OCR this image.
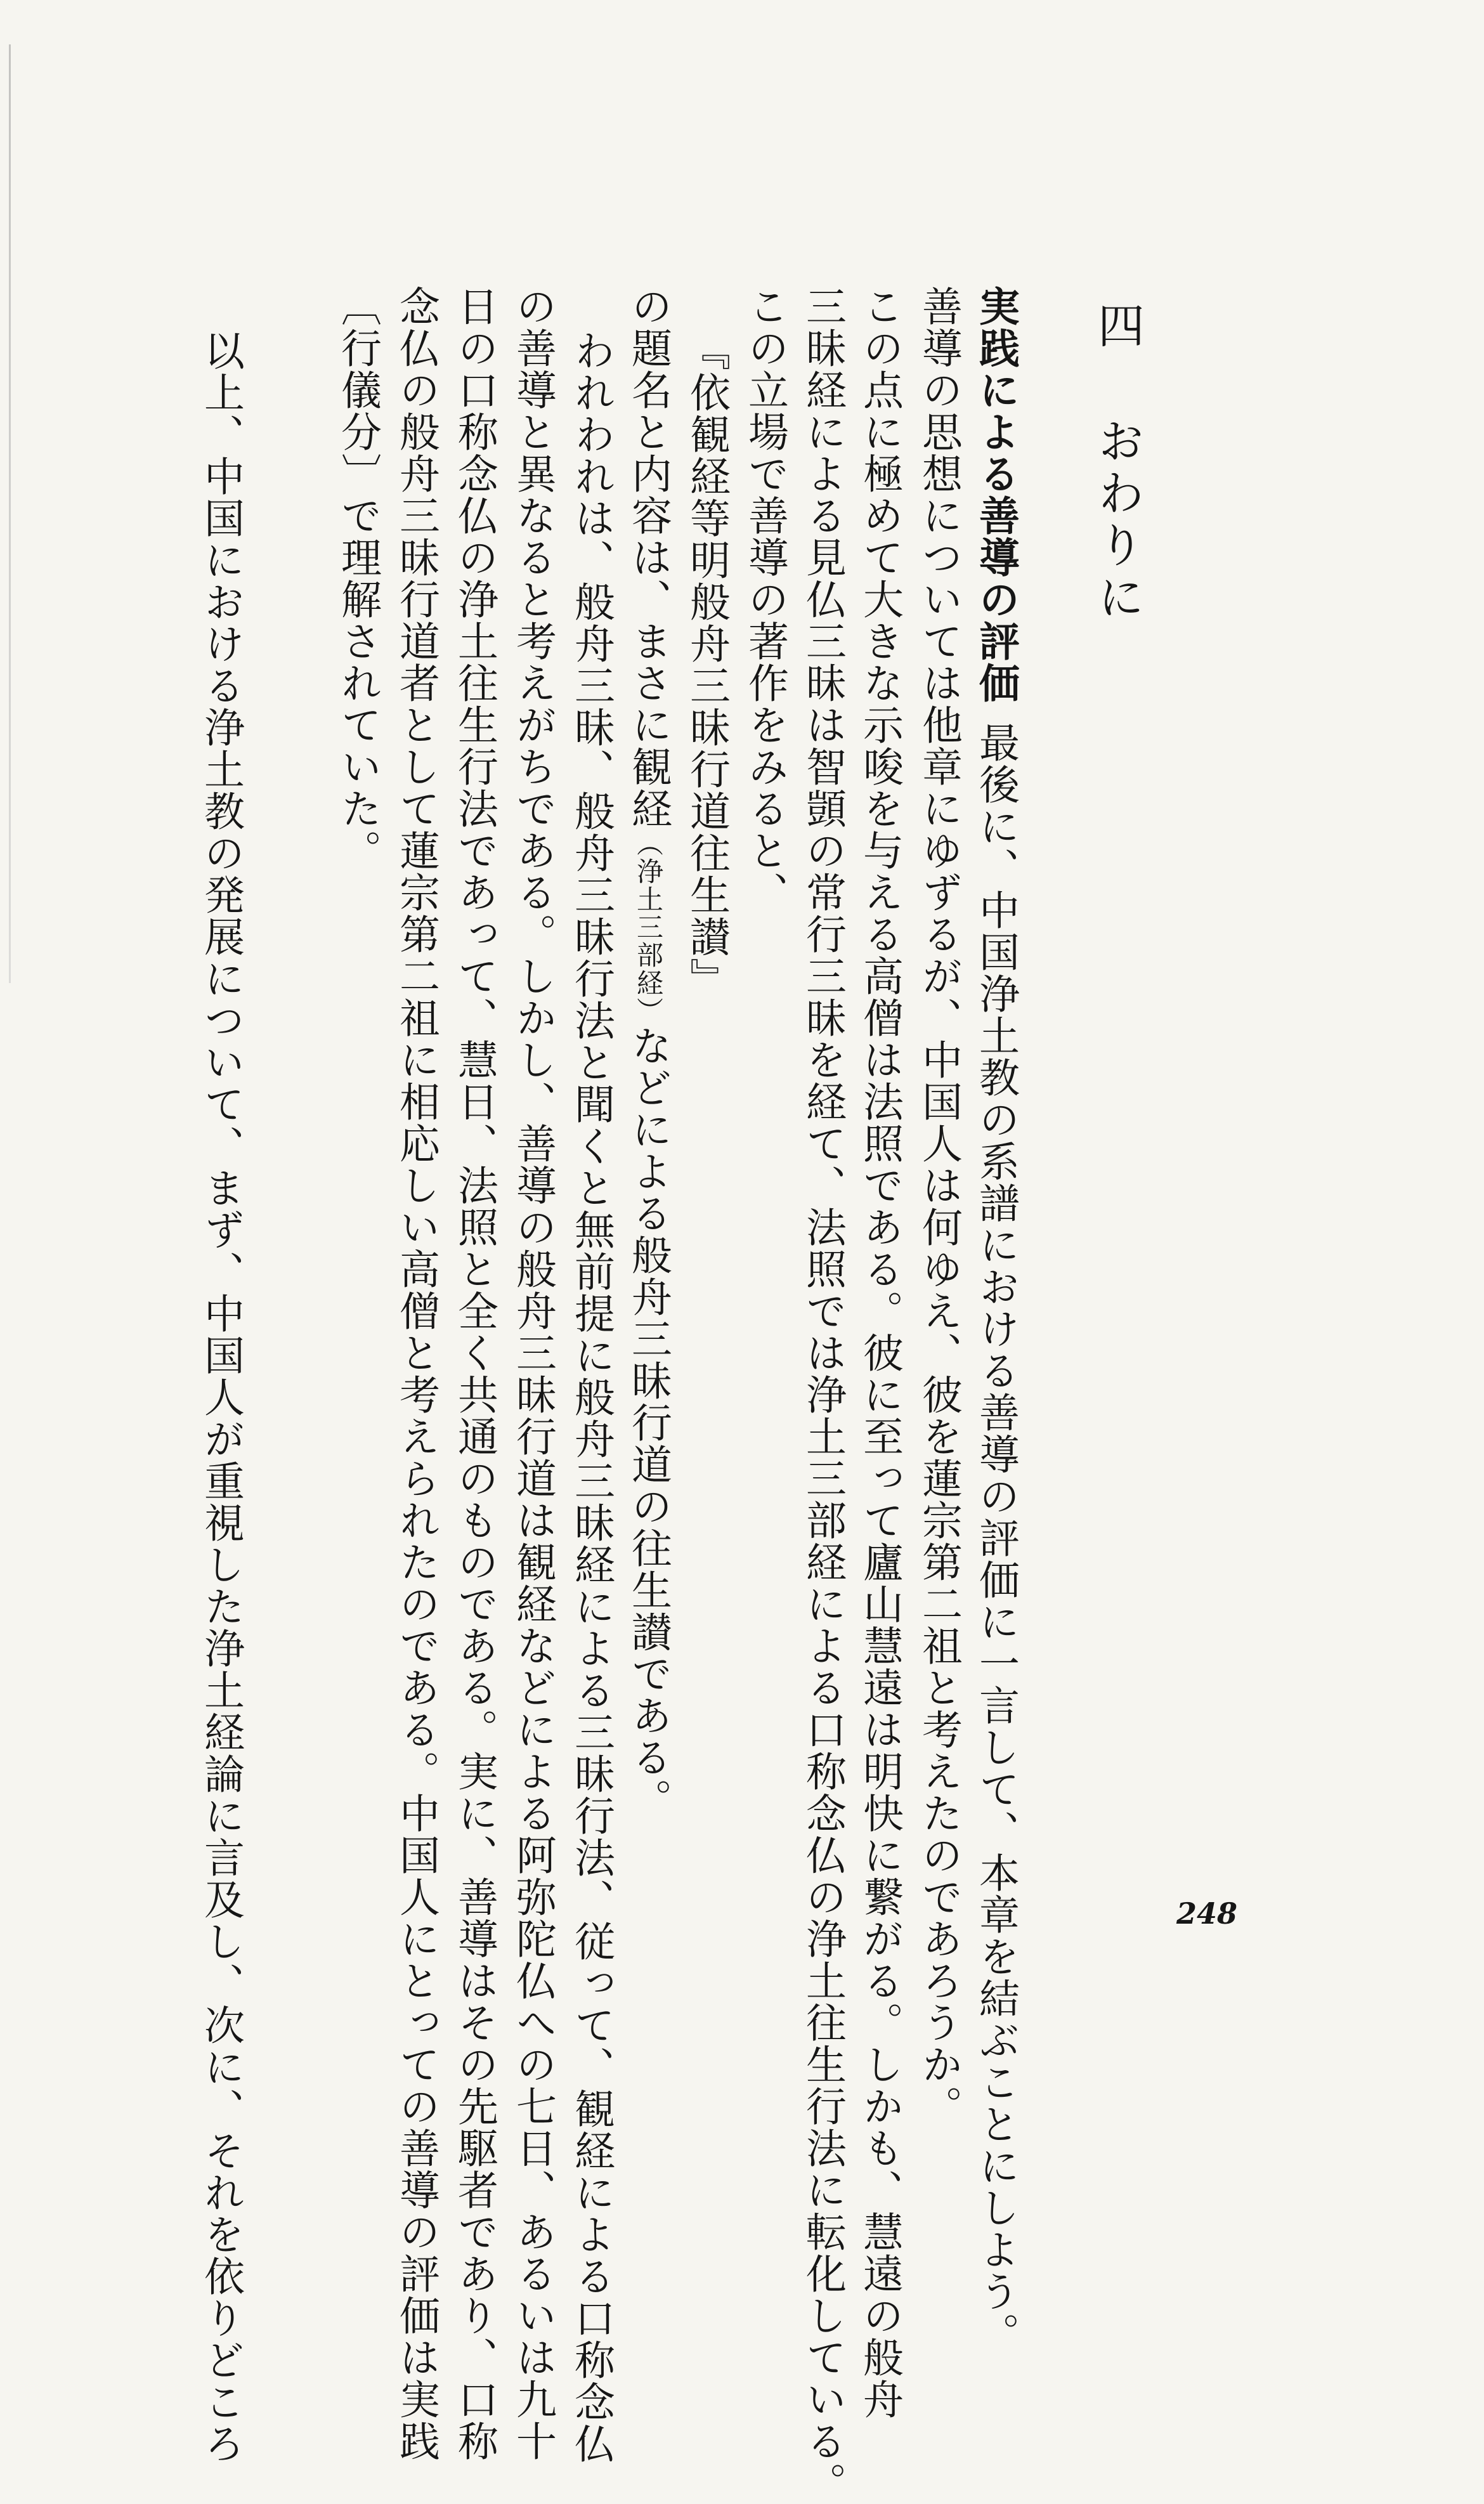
四おわりに
実践による善導の評価最後に、中国浄土教の系譜における善導の評価に一言して、本章を結ぶことにしよう。
善導の思想については他章にゆずるが、中国人は何ゆえ、彼を蓮宗第二祖と考えたのであろうか。
この点に極めて大きな示唆を与える高僧は法照である。彼に至って廬山慧遠は明快に繋がる。しかも、慧遠の般舟
三昧経による見仏三昧は智顗の常行三昧を経て、法照では浄土三部経による口称念仏の浄土往生行法に転化している。
この立場で善導の著作をみると、
『依観経等明般舟三昧行道往生讃』
の題名と内容は、まさに観経（浄土三部経）などによる般舟三昧行道の往生讃である。
われわれは、般舟三昧、般舟三昧行法と聞くと無前提に般舟三昧経による三昧行法、従って、観経による口称念仏
の善導と異なると考えがちである。しかし、善導の般舟三昧行道は観経などによる阿弥陀仏への七日、あるいは九十
日の口称念仏の浄土往生行法であって、慧日、法照と全く共通のものである。実に、善導はその先駆者であり、口称
念仏の般舟三昧行道者として蓮宗第二祖に相応しい高僧と考えられたのである。中国人にとっての善導の評価は実践
〔行儀分〕で理解されていた。
以上、中国における浄土教の発展について、まず、中国人が重視した浄土経論に言及し、次に、それを依りどころ	248
